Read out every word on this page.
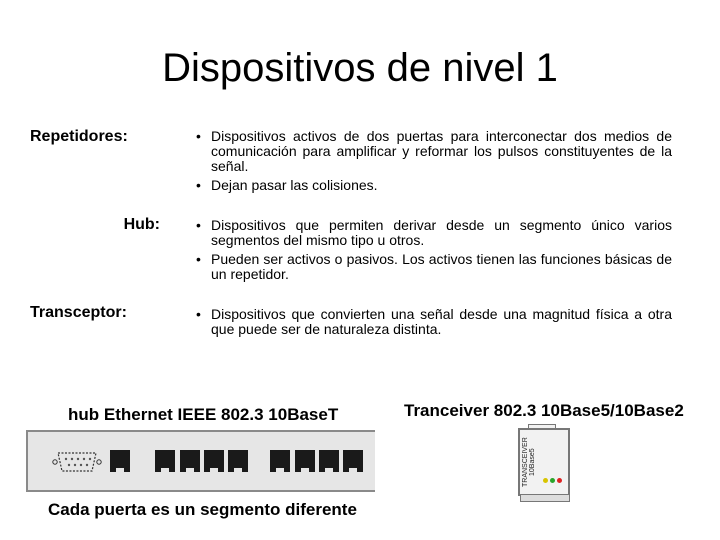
Dispositivos de nivel 1
Repetidores:	• Dispositivos activos de dos puertas para interconectar dos medios de comunicación para amplificar y reformar los pulsos constituyentes de la señal.
• Dejan pasar las colisiones.
Hub:	• Dispositivos que permiten derivar desde un segmento único varios segmentos del mismo tipo u otros.
• Pueden ser activos o pasivos. Los activos tienen las funciones básicas de un repetidor.
Transceptor:	• Dispositivos que convierten una señal desde una magnitud física a otra que puede ser de naturaleza distinta.
hub Ethernet IEEE 802.3 10BaseT
Cada puerta es un segmento diferente
Tranceiver 802.3 10Base5/10Base2
TRANSCEIVER 10Base5
